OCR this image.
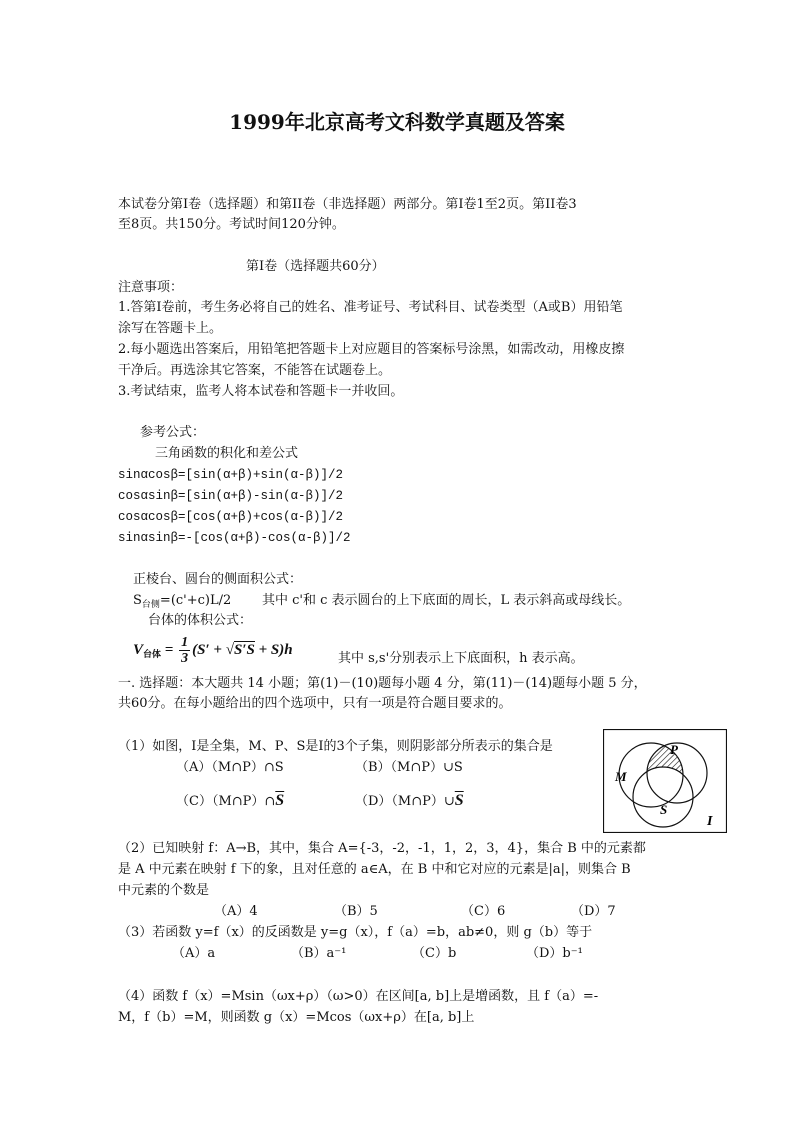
1999年北京高考文科数学真题及答案
本试卷分第Ⅰ卷（选择题）和第II卷（非选择题）两部分。第Ⅰ卷1至2页。第II卷3
至8页。共150分。考试时间120分钟。
第Ⅰ卷（选择题共60分）
注意事项：
1.答第Ⅰ卷前，考生务必将自己的姓名、准考证号、考试科目、试卷类型（A或B）用铅笔
涂写在答题卡上。
2.每小题选出答案后，用铅笔把答题卡上对应题目的答案标号涂黑，如需改动，用橡皮擦
干净后。再选涂其它答案，不能答在试题卷上。
3.考试结束，监考人将本试卷和答题卡一并收回。
参考公式：
三角函数的积化和差公式
sinαcosβ=[sin(α+β)+sin(α-β)]/2
cosαsinβ=[sin(α+β)-sin(α-β)]/2
cosαcosβ=[cos(α+β)+cos(α-β)]/2
sinαsinβ=-[cos(α+β)-cos(α-β)]/2
正棱台、圆台的侧面积公式：
$S_{台侧}=(c'+c)L/2$ 其中 c'和 c 表示圆台的上下底面的周长，L 表示斜高或母线长。
台体的体积公式：
$V_{台体} = \frac{1}{3} (S' + √S'S + S)h$
其中 s,s'分别表示上下底面积，h 表示高。
一. 选择题：本大题共 14 小题；第(1)－(10)题每小题 4 分，第(11)－(14)题每小题 5 分，
共60分。在每小题给出的四个选项中，只有一项是符合题目要求的。
（1）如图，I是全集，M、P、S是I的3个子集，则阴影部分所表示的集合是
（A）（M∩P）∩S	（B）（M∩P）∪S
$(C)(M\cap P)\cap\overline{S}$	$(D)(M\cap P)\cup\overline{S}$
M
P
S
I
（2）已知映射 f：A→B，其中，集合 A={-3，-2，-1，1，2，3，4}，集合 B 中的元素都
是 A 中元素在映射 f 下的象，且对任意的 a∈A，在 B 中和它对应的元素是|a|，则集合 B
中元素的个数是
（A）4	（B）5	（C）6	（D）7
（3）若函数 y=f（x）的反函数是 y=g（x），f（a）=b，ab≠0，则 g（b）等于
（A）a	（B）a⁻¹	（C）b	（D）b⁻¹
（4）函数 f（x）=Msin（ωx+ρ）（ω>0）在区间[a, b]上是增函数，且 f（a）=-
M，f（b）=M，则函数 g（x）=Mcos（ωx+ρ）在[a, b]上
